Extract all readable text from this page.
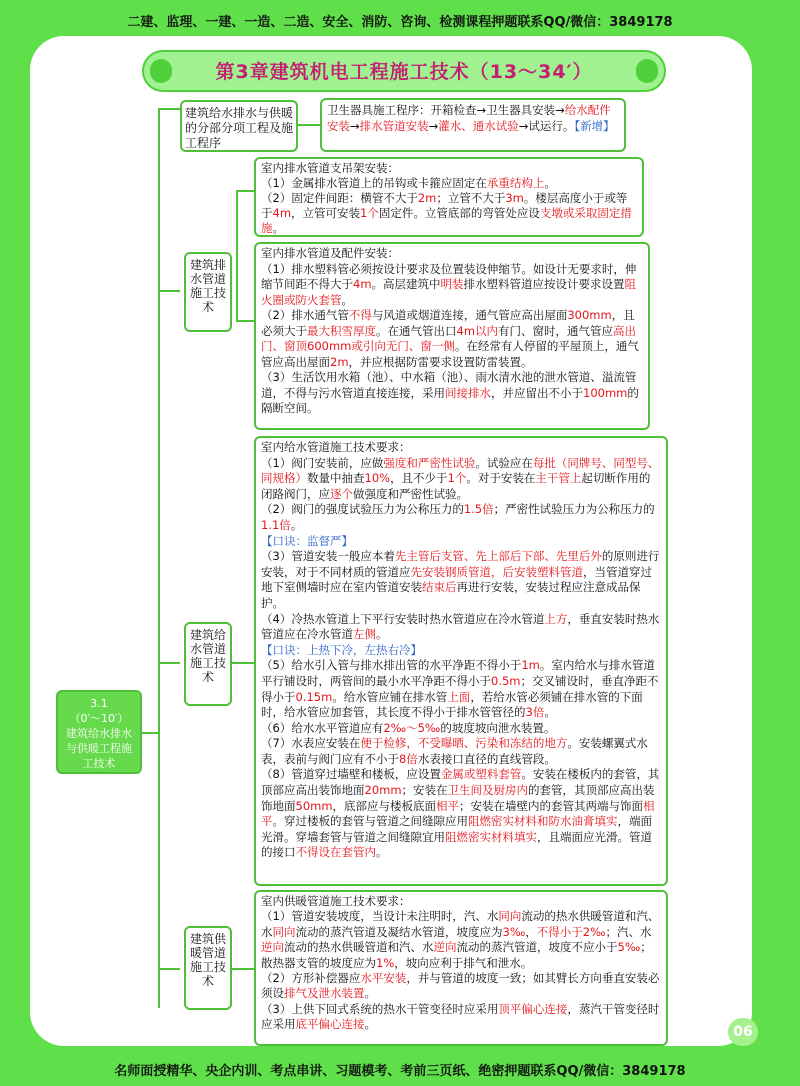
二建、监理、一建、一造、二造、安全、消防、咨询、检测课程押题联系QQ/微信：3849178
第3章建筑机电工程施工技术（13～34′）
3.1
（0′～10′）
建筑给水排水与供暖工程施工技术
建筑给水排水与供暖的分部分项工程及施工程序
建筑排水管道施工技术
建筑给水管道施工技术
建筑供暖管道施工技术
卫生器具施工程序：开箱检查→卫生器具安装→给水配件安装→排水管道安装→灌水、通水试验→试运行。【新增】
室内排水管道支吊架安装：
（1）金属排水管道上的吊钩或卡箍应固定在承重结构上。
（2）固定件间距：横管不大于2m；立管不大于3m。楼层高度小于或等于4m，立管可安装1个固定件。立管底部的弯管处应设支墩或采取固定措施。
室内排水管道及配件安装：
（1）排水塑料管必须按设计要求及位置装设伸缩节。如设计无要求时，伸缩节间距不得大于4m。高层建筑中明装排水塑料管道应按设计要求设置阻火圈或防火套管。
（2）排水通气管不得与风道或烟道连接，通气管应高出屋面300mm，且必须大于最大积雪厚度。在通气管出口4m以内有门、窗时，通气管应高出门、窗顶600mm或引向无门、窗一侧。在经常有人停留的平屋顶上，通气管应高出屋面2m，并应根据防雷要求设置防雷装置。
（3）生活饮用水箱（池）、中水箱（池）、雨水清水池的泄水管道、溢流管道，不得与污水管道直接连接，采用间接排水，并应留出不小于100mm的隔断空间。
室内给水管道施工技术要求：
（1）阀门安装前，应做强度和严密性试验。试验应在每批（同牌号、同型号、同规格）数量中抽查10%，且不少于1个。对于安装在主干管上起切断作用的闭路阀门，应逐个做强度和严密性试验。
（2）阀门的强度试验压力为公称压力的1.5倍；严密性试验压力为公称压力的1.1倍。
【口诀：监督严】
（3）管道安装一般应本着先主管后支管、先上部后下部、先里后外的原则进行安装，对于不同材质的管道应先安装钢质管道，后安装塑料管道，当管道穿过地下室侧墙时应在室内管道安装结束后再进行安装，安装过程应注意成品保护。
（4）冷热水管道上下平行安装时热水管道应在冷水管道上方，垂直安装时热水管道应在冷水管道左侧。
【口诀：上热下冷，左热右冷】
（5）给水引入管与排水排出管的水平净距不得小于1m。室内给水与排水管道平行铺设时，两管间的最小水平净距不得小于0.5m；交叉铺设时，垂直净距不得小于0.15m。给水管应铺在排水管上面，若给水管必须铺在排水管的下面时，给水管应加套管，其长度不得小于排水管管径的3倍。
（6）给水水平管道应有2‰～5‰的坡度坡向泄水装置。
（7）水表应安装在便于检修，不受曝晒、污染和冻结的地方。安装螺翼式水表，表前与阀门应有不小于8倍水表接口直径的直线管段。
（8）管道穿过墙壁和楼板，应设置金属或塑料套管。安装在楼板内的套管，其顶部应高出装饰地面20mm；安装在卫生间及厨房内的套管，其顶部应高出装饰地面50mm，底部应与楼板底面相平；安装在墙壁内的套管其两端与饰面相平。穿过楼板的套管与管道之间缝隙应用阻燃密实材料和防水油膏填实，端面光滑。穿墙套管与管道之间缝隙宜用阻燃密实材料填实，且端面应光滑。管道的接口不得设在套管内。
室内供暖管道施工技术要求：
（1）管道安装坡度，当设计未注明时，汽、水同向流动的热水供暖管道和汽、水同向流动的蒸汽管道及凝结水管道，坡度应为3‰，不得小于2‰；汽、水逆向流动的热水供暖管道和汽、水逆向流动的蒸汽管道，坡度不应小于5‰；散热器支管的坡度应为1%，坡向应利于排气和泄水。
（2）方形补偿器应水平安装，并与管道的坡度一致；如其臂长方向垂直安装必须设排气及泄水装置。
（3）上供下回式系统的热水干管变径时应采用顶平偏心连接，蒸汽干管变径时应采用底平偏心连接。	06
名师面授精华、央企内训、考点串讲、习题模考、考前三页纸、绝密押题联系QQ/微信：3849178
